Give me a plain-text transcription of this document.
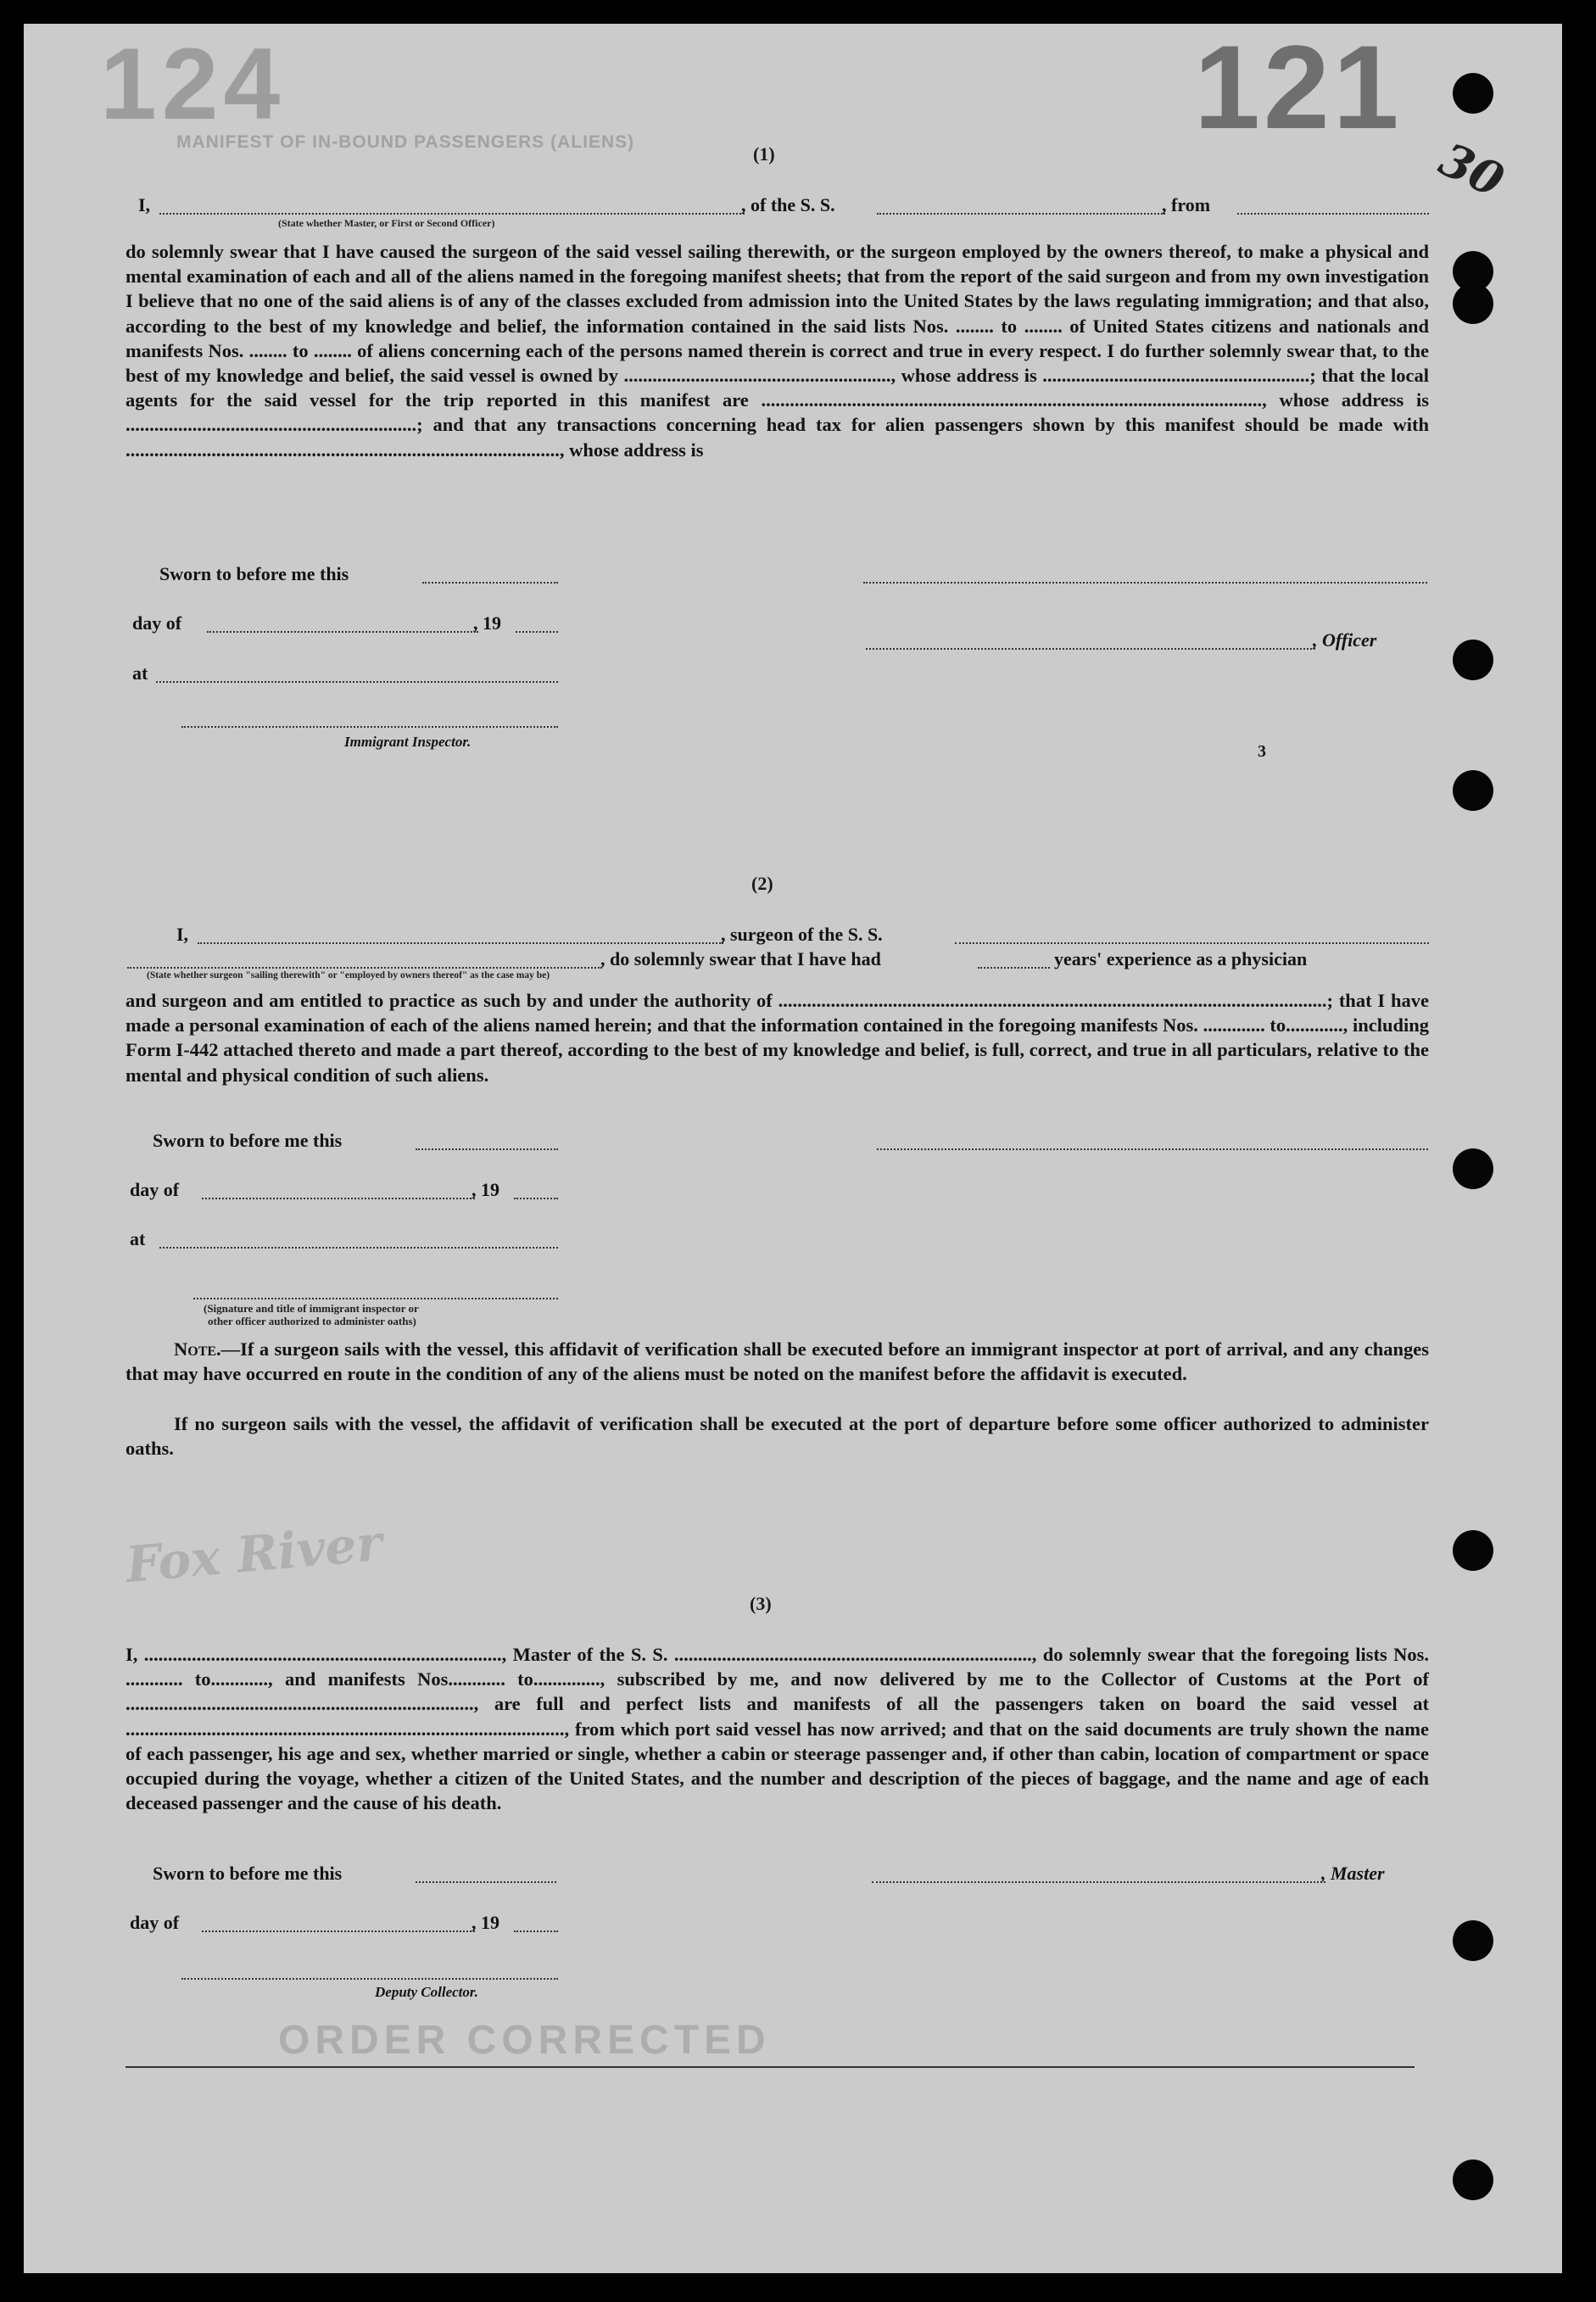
124	121
MANIFEST OF IN-BOUND PASSENGERS (ALIENS)	30
(1)
I,	, of the S. S.	, from
(State whether Master, or First or Second Officer)
do solemnly swear that I have caused the surgeon of the said vessel sailing therewith, or the surgeon employed by the owners thereof, to make a physical and mental examination of each and all of the aliens named in the foregoing manifest sheets; that from the report of the said surgeon and from my own investigation I believe that no one of the said aliens is of any of the classes excluded from admission into the United States by the laws regulating immigration; and that also, according to the best of my knowledge and belief, the information contained in the said lists Nos. ........ to ........ of United States citizens and nationals and manifests Nos. ........ to ........ of aliens concerning each of the persons named therein is correct and true in every respect. I do further solemnly swear that, to the best of my knowledge and belief, the said vessel is owned by ........................................................, whose address is ........................................................; that the local agents for the said vessel for the trip reported in this manifest are ........................................................................................................., whose address is .............................................................; and that any transactions concerning head tax for alien passengers shown by this manifest should be made with ..........................................................................................., whose address is
Sworn to before me this
day of	, 19
, Officer
at
Immigrant Inspector.
3
(2)
I,	, surgeon of the S. S.
, do solemnly swear that I have had	years' experience as a physician
(State whether surgeon "sailing therewith" or "employed by owners thereof" as the case may be)
and surgeon and am entitled to practice as such by and under the authority of ...................................................................................................................; that I have made a personal examination of each of the aliens named herein; and that the information contained in the foregoing manifests Nos. ............. to............, including Form I-442 attached thereto and made a part thereof, according to the best of my knowledge and belief, is full, correct, and true in all particulars, relative to the mental and physical condition of such aliens.
Sworn to before me this
day of	, 19
at
(Signature and title of immigrant inspector or
other officer authorized to administer oaths)
Note.—If a surgeon sails with the vessel, this affidavit of verification shall be executed before an immigrant inspector at port of arrival, and any changes that may have occurred en route in the condition of any of the aliens must be noted on the manifest before the affidavit is executed.
If no surgeon sails with the vessel, the affidavit of verification shall be executed at the port of departure before some officer authorized to administer oaths.
Fox River
(3)
I, ..........................................................................., Master of the S. S. ..........................................................................., do solemnly swear that the foregoing lists Nos. ............ to............, and manifests Nos............ to.............., subscribed by me, and now delivered by me to the Collector of Customs at the Port of ........................................................................., are full and perfect lists and manifests of all the passengers taken on board the said vessel at ............................................................................................, from which port said vessel has now arrived; and that on the said documents are truly shown the name of each passenger, his age and sex, whether married or single, whether a cabin or steerage passenger and, if other than cabin, location of compartment or space occupied during the voyage, whether a citizen of the United States, and the number and description of the pieces of baggage, and the name and age of each deceased passenger and the cause of his death.
Sworn to before me this	, Master
day of	, 19
Deputy Collector.
ORDER CORRECTED
